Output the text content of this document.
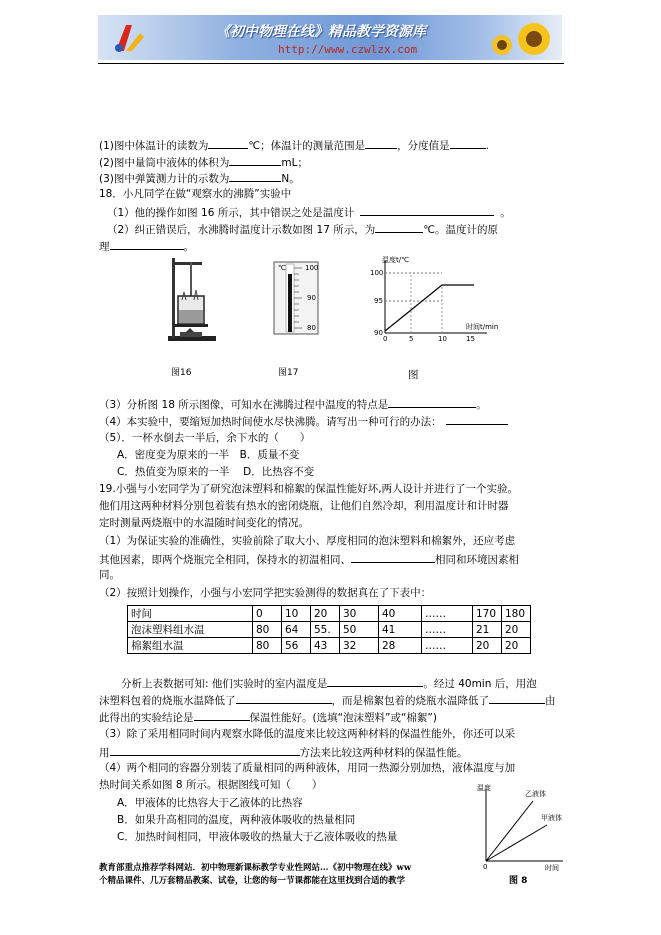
《初中物理在线》精品教学资源库
http://www.czwlzx.com
(1)图中体温计的读数为	℃；体温计的测量范围是	，分度值是	.
(2)图中量筒中液体的体积为	mL；
(3)图中弹簧测力计的示数为	N。
18．小凡同学在做“观察水的沸腾”实验中
（1）他的操作如图 16 所示，其中错误之处是温度计	。
（2）纠正错误后，水沸腾时温度计示数如图 17 所示，为	℃。温度计的原
理	。
图16
℃	100
90
80
图17
温度t/℃
时间t/min
100
95
90
0	5	10	15
图
（3）分析图 18 所示图像，可知水在沸腾过程中温度的特点是	。
（4）本实验中，要缩短加热时间使水尽快沸腾。请写出一种可行的办法：
（5）．一杯水倒去一半后，余下水的（　　）
A．密度变为原来的一半　B．质量不变
C．热值变为原来的一半　 D．比热容不变
19.小强与小宏同学为了研究泡沫塑料和棉絮的保温性能好坏,两人设计并进行了一个实验。
他们用这两种材料分别包着装有热水的密闭烧瓶，让他们自然冷却，利用温度计和计时器
定时测量两烧瓶中的水温随时间变化的情况。
（1）为保证实验的准确性，实验前除了取大小、厚度相同的泡沫塑料和棉絮外，还应考虑
其他因素，即两个烧瓶完全相同，保持水的初温相同、	相同和环境因素相
同。
（2）按照计划操作，小强与小宏同学把实验测得的数据真在了下表中：
时间	0	10	20	30	40	……	170	180
泡沫塑料组水温	80	64	55.	50	41	……	21	20
棉絮组水温	80	56	43	32	28	……	20	20
分析上表数据可知: 他们实验时的室内温度是	。经过 40min 后，用泡
沫塑料包着的烧瓶水温降低了	，而是棉絮包着的烧瓶水温降低了	由
此得出的实验结论是	保温性能好。(选填“泡沫塑料”或“棉絮”)
（3）除了采用相同时间内观察水降低的温度来比较这两种材料的保温性能外，你还可以采
用	方法来比较这两种材料的保温性能。
（4）两个相同的容器分别装了质量相同的两种液体，用同一热源分别加热，液体温度与加
热时间关系如图 8 所示。根据图线可知（　　）
A．甲液体的比热容大于乙液体的比热容
B．如果升高相同的温度，两种液体吸收的热量相同
C．加热时间相同，甲液体吸收的热量大于乙液体吸收的热量
温度
乙液体
甲液体
0	时间
图 8
教育部重点推荐学科网站．初中物理新课标教学专业性网站…《初中物理在线》ww
个精品课件、几万套精品教案、试卷，让您的每一节课都能在这里找到合适的教学
